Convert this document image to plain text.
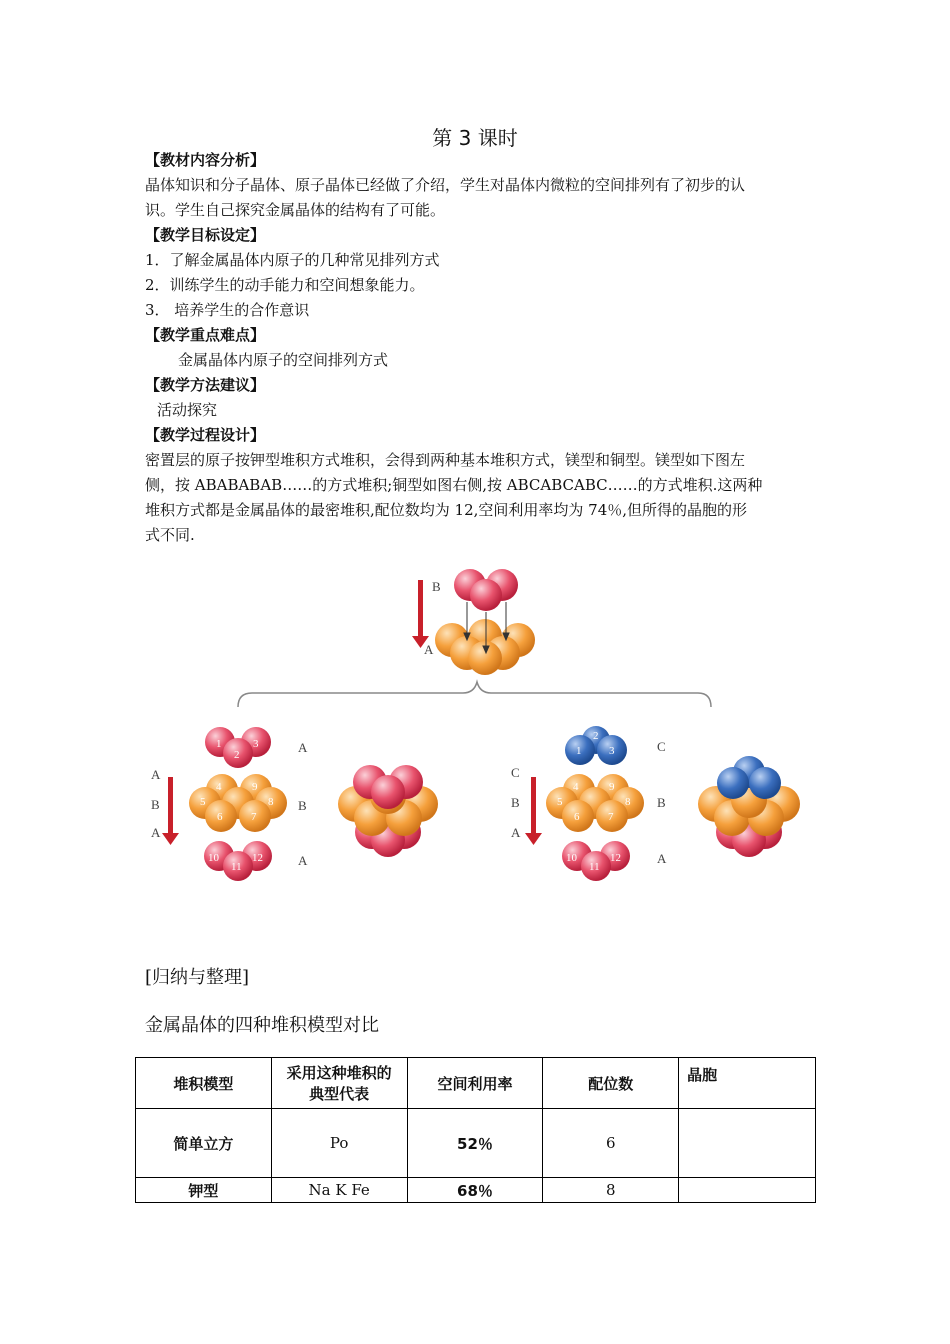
第 3 课时
【教材内容分析】
晶体知识和分子晶体、原子晶体已经做了介绍，学生对晶体内微粒的空间排列有了初步的认
识。学生自己探究金属晶体的结构有了可能。
【教学目标设定】
1．了解金属晶体内原子的几种常见排列方式
2．训练学生的动手能力和空间想象能力。
3． 培养学生的合作意识
【教学重点难点】
金属晶体内原子的空间排列方式
【教学方法建议】
活动探究
【教学过程设计】
密置层的原子按钾型堆积方式堆积，会得到两种基本堆积方式，镁型和铜型。镁型如下图左
侧，按 ABABABAB……的方式堆积;铜型如图右侧,按 ABCABCABC……的方式堆积.这两种
堆积方式都是金属晶体的最密堆积,配位数均为 12,空间利用率均为 74％,但所得的晶胞的形
式不同.
B
A
1
2
3
4	9
5	8
6	7
10
11
12
A
B
A
A
B
A
1
2
3
4	9
5	8
6	7
10
11
12
C
B
A
C
B
A
[归纳与整理]
金属晶体的四种堆积模型对比
堆积模型	采用这种堆积的
典型代表	空间利用率	配位数	晶胞
简单立方	Po	52％	6	
钾型	Na K Fe	68％	8	
